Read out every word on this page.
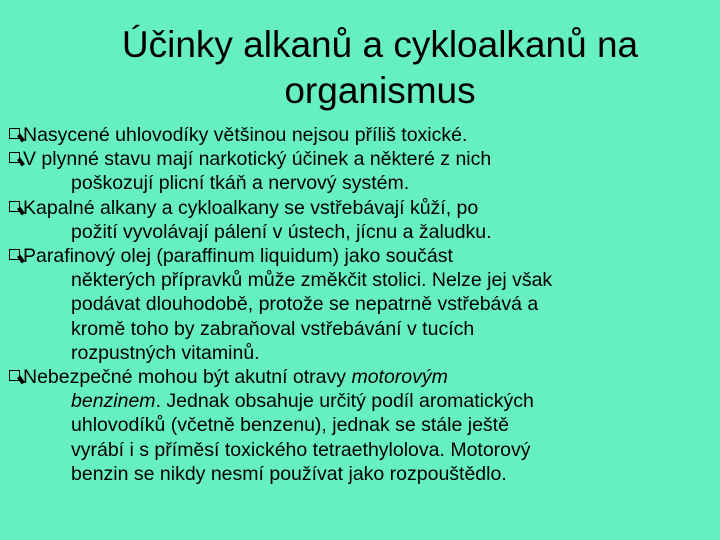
Účinky alkanů a cykloalkanů na
organismus
Nasycené uhlovodíky většinou nejsou příliš toxické.
V plynné stavu mají narkotický účinek a některé z nich
poškozují plicní tkáň a nervový systém.
Kapalné alkany a cykloalkany se vstřebávají kůží, po
požití vyvolávají pálení v ústech, jícnu a žaludku.
Parafinový olej (paraffinum liquidum) jako součást
některých přípravků může změkčit stolici. Nelze jej však
podávat dlouhodobě, protože se nepatrně vstřebává a
kromě toho by zabraňoval vstřebávání v tucích
rozpustných vitaminů.
Nebezpečné mohou být akutní otravy motorovým
benzinem. Jednak obsahuje určitý podíl aromatických
uhlovodíků (včetně benzenu), jednak se stále ještě
vyrábí i s příměsí toxického tetraethylolova. Motorový
benzin se nikdy nesmí používat jako rozpouštědlo.
